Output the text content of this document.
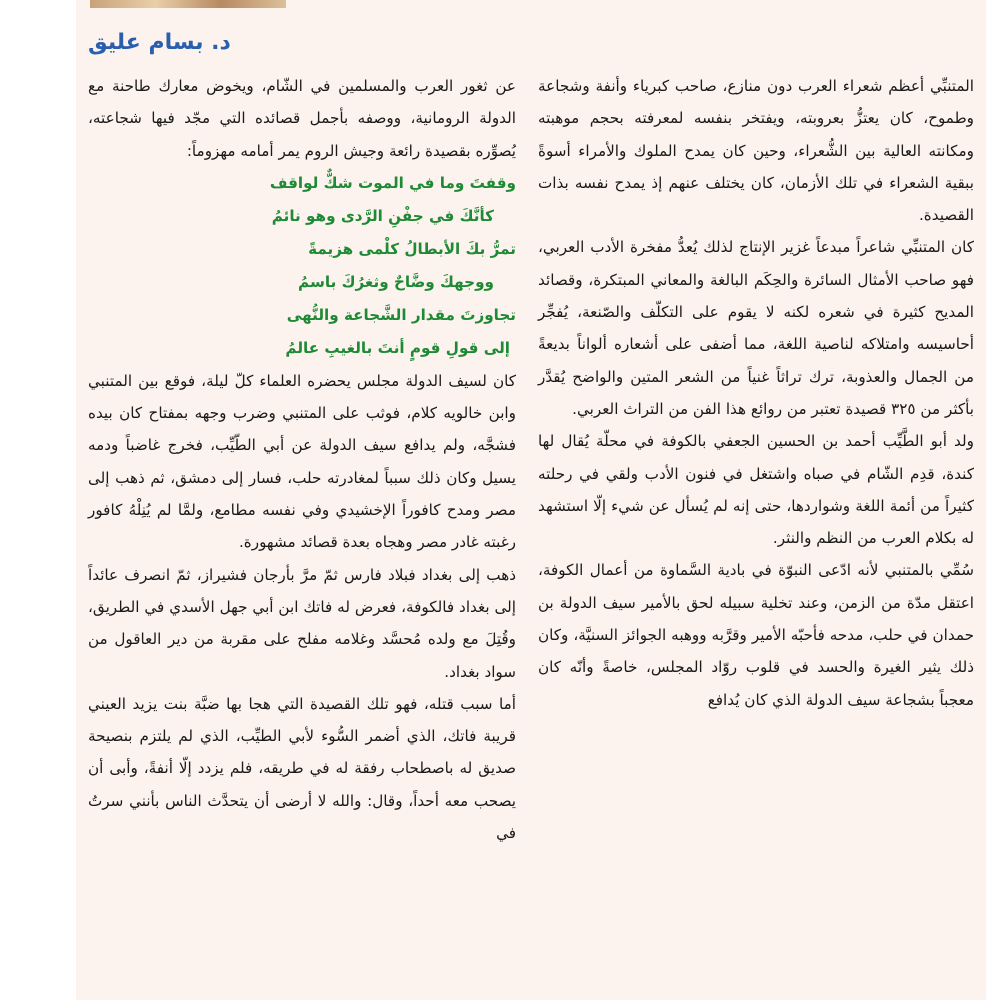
د. بسام عليق

المتنبِّي أعظم شعراء العرب دون منازع، صاحب كبرياء وأنفة وشجاعة وطموح، كان يعتزُّ بعروبته، ويفتخر بنفسه لمعرفته بحجم موهبته ومكانته العالية بين الشُّعراء، وحين كان يمدح الملوك والأمراء أسوةً ببقية الشعراء في تلك الأزمان، كان يختلف عنهم إذ يمدح نفسه بذات القصيدة.

كان المتنبِّي شاعراً مبدعاً غزير الإنتاج لذلك يُعدُّ مفخرة الأدب العربي، فهو صاحب الأمثال السائرة والحِكَم البالغة والمعاني المبتكرة، وقصائد المديح كثيرة في شعره لكنه لا يقوم على التكلّف والصّنعة، يُفجِّر أحاسيسه وامتلاكه لناصية اللغة، مما أضفى على أشعاره ألواناً بديعةً من الجمال والعذوبة، ترك تراثاً غنياً من الشعر المتين والواضح يُقدَّر بأكثر من ٣٢٥ قصيدة تعتبر من روائع هذا الفن من التراث العربي.

ولد أبو الطَّيِّب أحمد بن الحسين الجعفي بالكوفة في محلّة يُقال لها كندة، قدِم الشّام في صباه واشتغل في فنون الأدب ولقي في رحلته كثيراً من أئمة اللغة وشواردها، حتى إنه لم يُسأل عن شيء إلّا استشهد له بكلام العرب من النظم والنثر.

سُمِّي بالمتنبي لأنه ادّعى النبوّة في بادية السَّماوة من أعمال الكوفة، اعتقل مدّة من الزمن، وعند تخلية سبيله لحق بالأمير سيف الدولة بن حمدان في حلب، مدحه فأحبّه الأمير وقرَّبه ووهبه الجوائز السنيَّة، وكان ذلك يثير الغيرة والحسد في قلوب روّاد المجلس، خاصةً وأنّه كان معجباً بشجاعة سيف الدولة الذي كان يُدافع

عن ثغور العرب والمسلمين في الشّام، ويخوض معارك طاحنة مع الدولة الرومانية، ووصفه بأجمل قصائده التي مجّد فيها شجاعته، يُصوِّره بقصيدة رائعة وجيش الروم يمر أمامه مهزوماً:

وقفتَ وما في الموت شكٌّ لواقف

كأنَّكَ في جفْنِ الرَّدى وهو نائمُ

تمرُّ بكَ الأبطالُ كلْمى هزيمةً

ووجهكَ وضَّاحٌ وثغرُكَ باسمُ

تجاوزتَ مقدار الشَّجاعة والنُّهى

إلى قولِ قومٍ أنتَ بالغيبِ عالمُ

كان لسيف الدولة مجلس يحضره العلماء كلّ ليلة، فوقع بين المتنبي وابن خالويه كلام، فوثب على المتنبي وضرب وجهه بمفتاح كان بيده فشجَّه، ولم يدافع سيف الدولة عن أبي الطّيِّب، فخرج غاضباً ودمه يسيل وكان ذلك سبباً لمغادرته حلب، فسار إلى دمشق، ثم ذهب إلى مصر ومدح كافوراً الإخشيدي وفي نفسه مطامع، ولمَّا لم يُنِلْهُ كافور رغبته غادر مصر وهجاه بعدة قصائد مشهورة.

ذهب إلى بغداد فبلاد فارس ثمّ مرَّ بأرجان فشيراز، ثمّ انصرف عائداً إلى بغداد فالكوفة، فعرض له فاتك ابن أبي جهل الأسدي في الطريق، وقُتِلَ مع ولده مُحسَّد وغلامه مفلح على مقربة من دير العاقول من سواد بغداد.

أما سبب قتله، فهو تلك القصيدة التي هجا بها ضبَّة بنت يزيد العيني قريبة فاتك، الذي أضمر السُّوء لأبي الطيِّب، الذي لم يلتزم بنصيحة صديق له باصطحاب رفقة له في طريقه، فلم يزدد إلّا أنفةً، وأبى أن يصحب معه أحداً، وقال: والله لا أرضى أن يتحدَّث الناس بأنني سرتُ في
